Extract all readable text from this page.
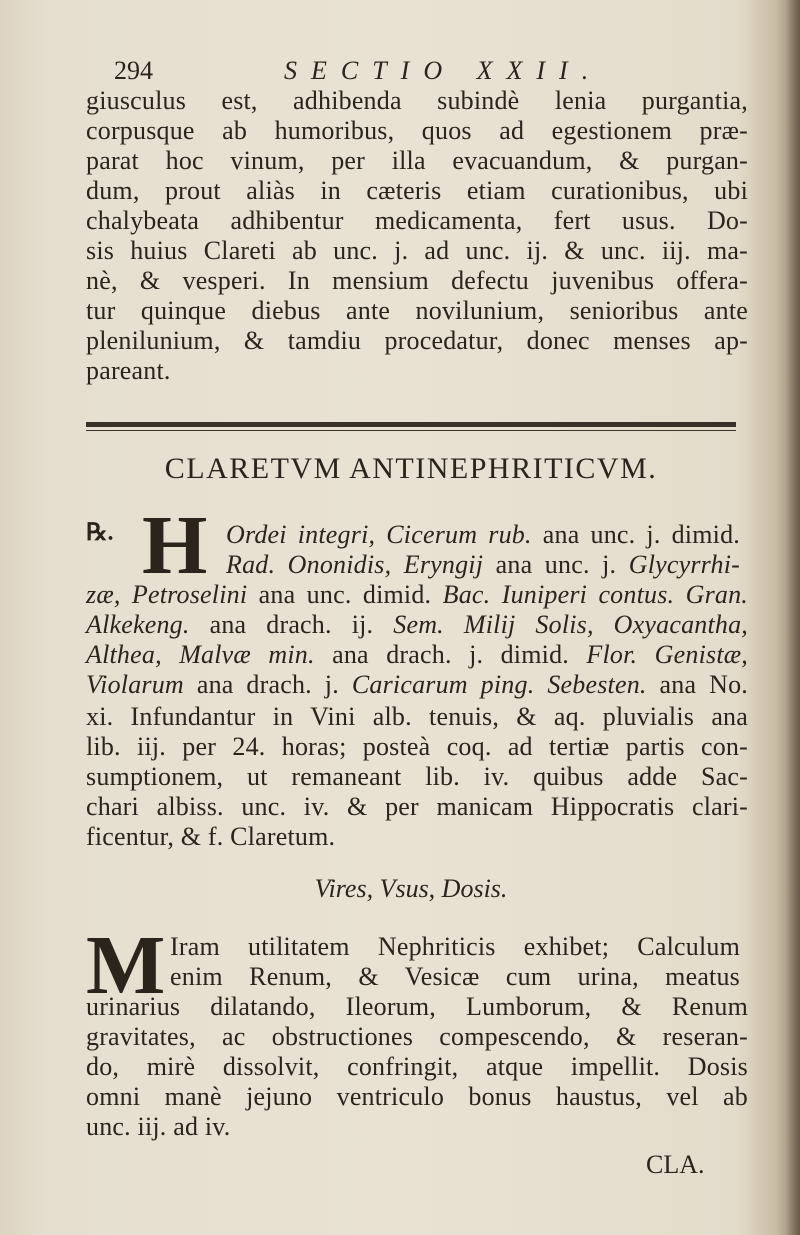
294	SECTIO XXII.
giusculus est, adhibenda subindè lenia purgantia,
corpusque ab humoribus, quos ad egestionem præ-
parat hoc vinum, per illa evacuandum, & purgan-
dum, prout aliàs in cæteris etiam curationibus, ubi
chalybeata adhibentur medicamenta, fert usus. Do-
sis huius Clareti ab unc. j. ad unc. ij. & unc. iij. ma-
nè, & vesperi. In mensium defectu juvenibus offera-
tur quinque diebus ante novilunium, senioribus ante
plenilunium, & tamdiu procedatur, donec menses ap-
pareant.
CLARETVM ANTINEPHRITICVM.
℞. H Ordei integri, Cicerum rub. ana unc. j. dimid.
Rad. Ononidis, Eryngij ana unc. j. Glycyrrhi-
zæ, Petroselini ana unc. dimid. Bac. Iuniperi contus. Gran.
Alkekeng. ana drach. ij. Sem. Milij Solis, Oxyacantha,
Althea, Malvæ min. ana drach. j. dimid. Flor. Genistæ,
Violarum ana drach. j. Caricarum ping. Sebesten. ana No.
xi. Infundantur in Vini alb. tenuis, & aq. pluvialis ana
lib. iij. per 24. horas; posteà coq. ad tertiæ partis con-
sumptionem, ut remaneant lib. iv. quibus adde Sac-
chari albiss. unc. iv. & per manicam Hippocratis clari-
ficentur, & f. Claretum.
Vires, Vsus, Dosis.
M Iram utilitatem Nephriticis exhibet; Calculum
enim Renum, & Vesicæ cum urina, meatus
urinarius dilatando, Ileorum, Lumborum, & Renum
gravitates, ac obstructiones compescendo, & reseran-
do, mirè dissolvit, confringit, atque impellit. Dosis
omni manè jejuno ventriculo bonus haustus, vel ab
unc. iij. ad iv.
CLA.
